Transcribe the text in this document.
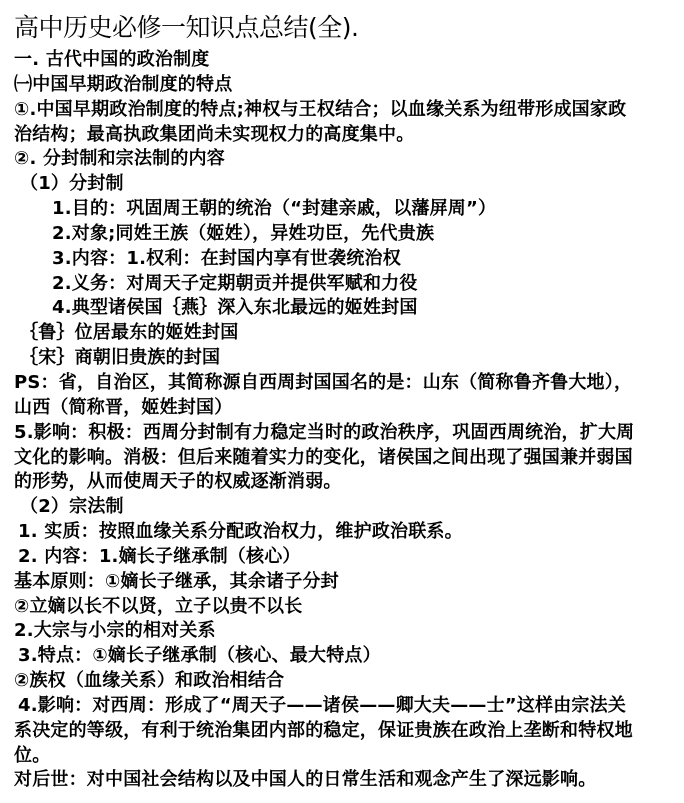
高中历史必修一知识点总结(全).
一. 古代中国的政治制度
㈠中国早期政治制度的特点
①.中国早期政治制度的特点;神权与王权结合；以血缘关系为纽带形成国家政
治结构；最高执政集团尚未实现权力的高度集中。
②. 分封制和宗法制的内容
（1）分封制
1.目的：巩固周王朝的统治（“封建亲戚，以藩屏周”）
2.对象;同姓王族（姬姓），异姓功臣，先代贵族
3.内容：1.权利：在封国内享有世袭统治权
2.义务：对周天子定期朝贡并提供军赋和力役
4.典型诸侯国｛燕｝深入东北最远的姬姓封国
｛鲁｝位居最东的姬姓封国
｛宋｝商朝旧贵族的封国
PS：省，自治区，其简称源自西周封国国名的是：山东（简称鲁齐鲁大地），
山西（简称晋，姬姓封国）
5.影响：积极：西周分封制有力稳定当时的政治秩序，巩固西周统治，扩大周
文化的影响。消极：但后来随着实力的变化，诸侯国之间出现了强国兼并弱国
的形势，从而使周天子的权威逐渐消弱。
（2）宗法制
1. 实质：按照血缘关系分配政治权力，维护政治联系。
2. 内容：1.嫡长子继承制（核心）
基本原则：①嫡长子继承，其余诸子分封
②立嫡以长不以贤，立子以贵不以长
2.大宗与小宗的相对关系
3.特点：①嫡长子继承制（核心、最大特点）
②族权（血缘关系）和政治相结合
4.影响：对西周：形成了“周天子——诸侯——卿大夫——士”这样由宗法关
系决定的等级，有利于统治集团内部的稳定，保证贵族在政治上垄断和特权地
位。
对后世：对中国社会结构以及中国人的日常生活和观念产生了深远影响。
